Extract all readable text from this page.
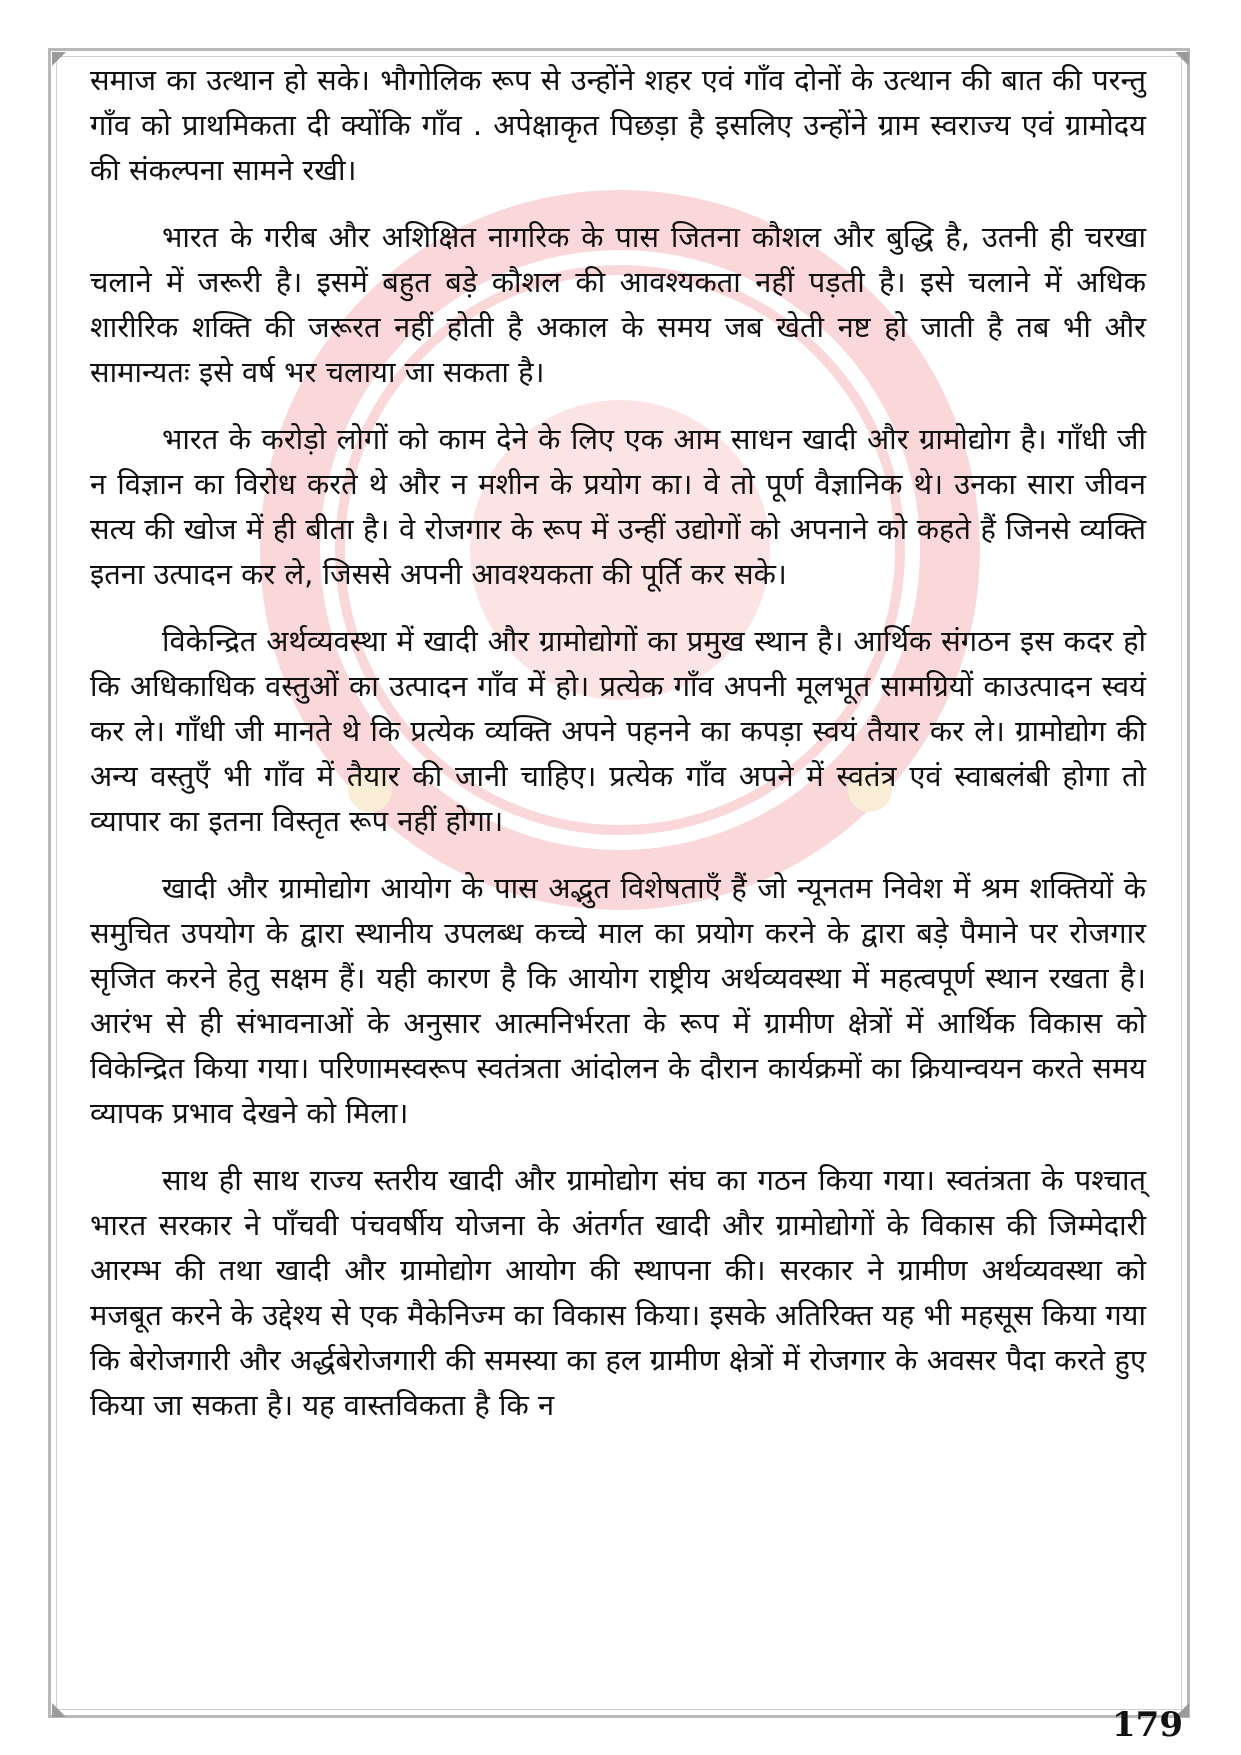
समाज का उत्थान हो सके। भौगोलिक रूप से उन्होंने शहर एवं गाँव दोनों के उत्थान की बात की परन्तु गाँव को प्राथमिकता दी क्योंकि गाँव . अपेक्षाकृत पिछड़ा है इसलिए उन्होंने ग्राम स्वराज्य एवं ग्रामोदय की संकल्पना सामने रखी।

भारत के गरीब और अशिक्षित नागरिक के पास जितना कौशल और बुद्धि है, उतनी ही चरखा चलाने में जरूरी है। इसमें बहुत बड़े कौशल की आवश्यकता नहीं पड़ती है। इसे चलाने में अधिक शारीरिक शक्ति की जरूरत नहीं होती है अकाल के समय जब खेती नष्ट हो जाती है तब भी और सामान्यतः इसे वर्ष भर चलाया जा सकता है।

भारत के करोड़ो लोगों को काम देने के लिए एक आम साधन खादी और ग्रामोद्योग है। गाँधी जी न विज्ञान का विरोध करते थे और न मशीन के प्रयोग का। वे तो पूर्ण वैज्ञानिक थे। उनका सारा जीवन सत्य की खोज में ही बीता है। वे रोजगार के रूप में उन्हीं उद्योगों को अपनाने को कहते हैं जिनसे व्यक्ति इतना उत्पादन कर ले, जिससे अपनी आवश्यकता की पूर्ति कर सके।

विकेन्द्रित अर्थव्यवस्था में खादी और ग्रामोद्योगों का प्रमुख स्थान है। आर्थिक संगठन इस कदर हो कि अधिकाधिक वस्तुओं का उत्पादन गाँव में हो। प्रत्येक गाँव अपनी मूलभूत सामग्रियों काउत्पादन स्वयं कर ले। गाँधी जी मानते थे कि प्रत्येक व्यक्ति अपने पहनने का कपड़ा स्वयं तैयार कर ले। ग्रामोद्योग की अन्य वस्तुएँ भी गाँव में तैयार की जानी चाहिए। प्रत्येक गाँव अपने में स्वतंत्र एवं स्वाबलंबी होगा तो व्यापार का इतना विस्तृत रूप नहीं होगा।

खादी और ग्रामोद्योग आयोग के पास अद्भुत विशेषताएँ हैं जो न्यूनतम निवेश में श्रम शक्तियों के समुचित उपयोग के द्वारा स्थानीय उपलब्ध कच्चे माल का प्रयोग करने के द्वारा बड़े पैमाने पर रोजगार सृजित करने हेतु सक्षम हैं। यही कारण है कि आयोग राष्ट्रीय अर्थव्यवस्था में महत्वपूर्ण स्थान रखता है। आरंभ से ही संभावनाओं के अनुसार आत्मनिर्भरता के रूप में ग्रामीण क्षेत्रों में आर्थिक विकास को विकेन्द्रित किया गया। परिणामस्वरूप स्वतंत्रता आंदोलन के दौरान कार्यक्रमों का क्रियान्वयन करते समय व्यापक प्रभाव देखने को मिला।

साथ ही साथ राज्य स्तरीय खादी और ग्रामोद्योग संघ का गठन किया गया। स्वतंत्रता के पश्चात् भारत सरकार ने पाँचवी पंचवर्षीय योजना के अंतर्गत खादी और ग्रामोद्योगों के विकास की जिम्मेदारी आरम्भ की तथा खादी और ग्रामोद्योग आयोग की स्थापना की। सरकार ने ग्रामीण अर्थव्यवस्था को मजबूत करने के उद्देश्य से एक मैकेनिज्म का विकास किया। इसके अतिरिक्त यह भी महसूस किया गया कि बेरोजगारी और अर्द्धबेरोजगारी की समस्या का हल ग्रामीण क्षेत्रों में रोजगार के अवसर पैदा करते हुए किया जा सकता है। यह वास्तविकता है कि न

179
